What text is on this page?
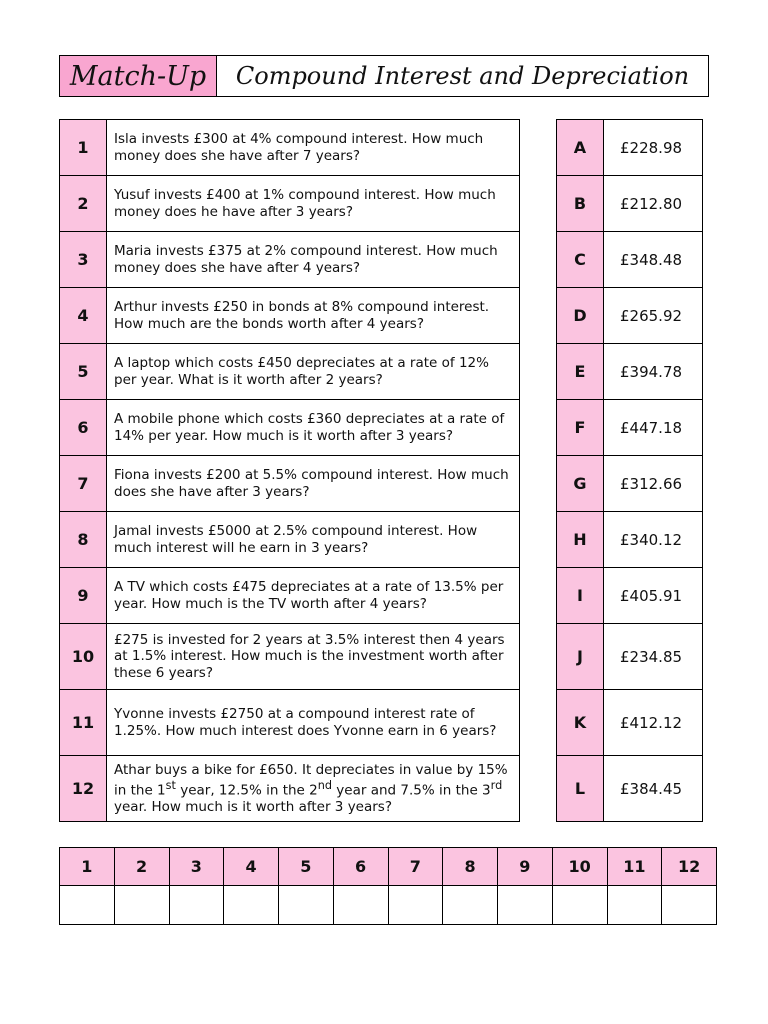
Match-Up	Compound Interest and Depreciation
1	Isla invests £300 at 4% compound interest. How much money does she have after 7 years?
2	Yusuf invests £400 at 1% compound interest. How much money does he have after 3 years?
3	Maria invests £375 at 2% compound interest. How much money does she have after 4 years?
4	Arthur invests £250 in bonds at 8% compound interest. How much are the bonds worth after 4 years?
5	A laptop which costs £450 depreciates at a rate of 12% per year. What is it worth after 2 years?
6	A mobile phone which costs £360 depreciates at a rate of 14% per year. How much is it worth after 3 years?
7	Fiona invests £200 at 5.5% compound interest. How much does she have after 3 years?
8	Jamal invests £5000 at 2.5% compound interest. How much interest will he earn in 3 years?
9	A TV which costs £475 depreciates at a rate of 13.5% per year. How much is the TV worth after 4 years?
10	£275 is invested for 2 years at 3.5% interest then 4 years at 1.5% interest. How much is the investment worth after these 6 years?
11	Yvonne invests £2750 at a compound interest rate of 1.25%. How much interest does Yvonne earn in 6 years?
12	Athar buys a bike for £650. It depreciates in value by 15% in the 1st year, 12.5% in the 2nd year and 7.5% in the 3rd year. How much is it worth after 3 years?
A	£228.98
B	£212.80
C	£348.48
D	£265.92
E	£394.78
F	£447.18
G	£312.66
H	£340.12
I	£405.91
J	£234.85
K	£412.12
L	£384.45
1	2	3	4	5	6	7	8	9	10	11	12
